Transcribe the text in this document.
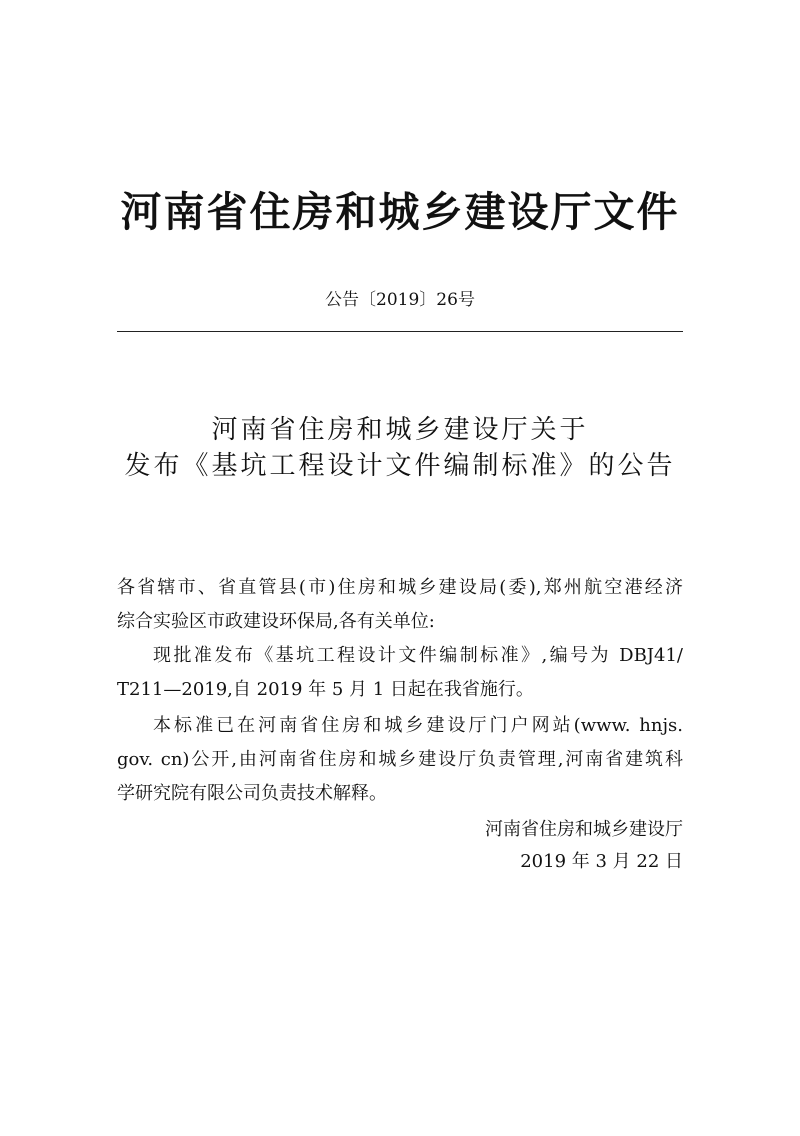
河南省住房和城乡建设厅文件
公告〔2019〕26号
河南省住房和城乡建设厅关于
发布《基坑工程设计文件编制标准》的公告
各省辖市、省直管县(市)住房和城乡建设局(委),郑州航空港经济
综合实验区市政建设环保局,各有关单位:
现批准发布《基坑工程设计文件编制标准》,编号为 DBJ41/
T211—2019,自 2019 年 5 月 1 日起在我省施行。
本标准已在河南省住房和城乡建设厅门户网站(www. hnjs.
gov. cn)公开,由河南省住房和城乡建设厅负责管理,河南省建筑科
学研究院有限公司负责技术解释。
河南省住房和城乡建设厅
2019 年 3 月 22 日
